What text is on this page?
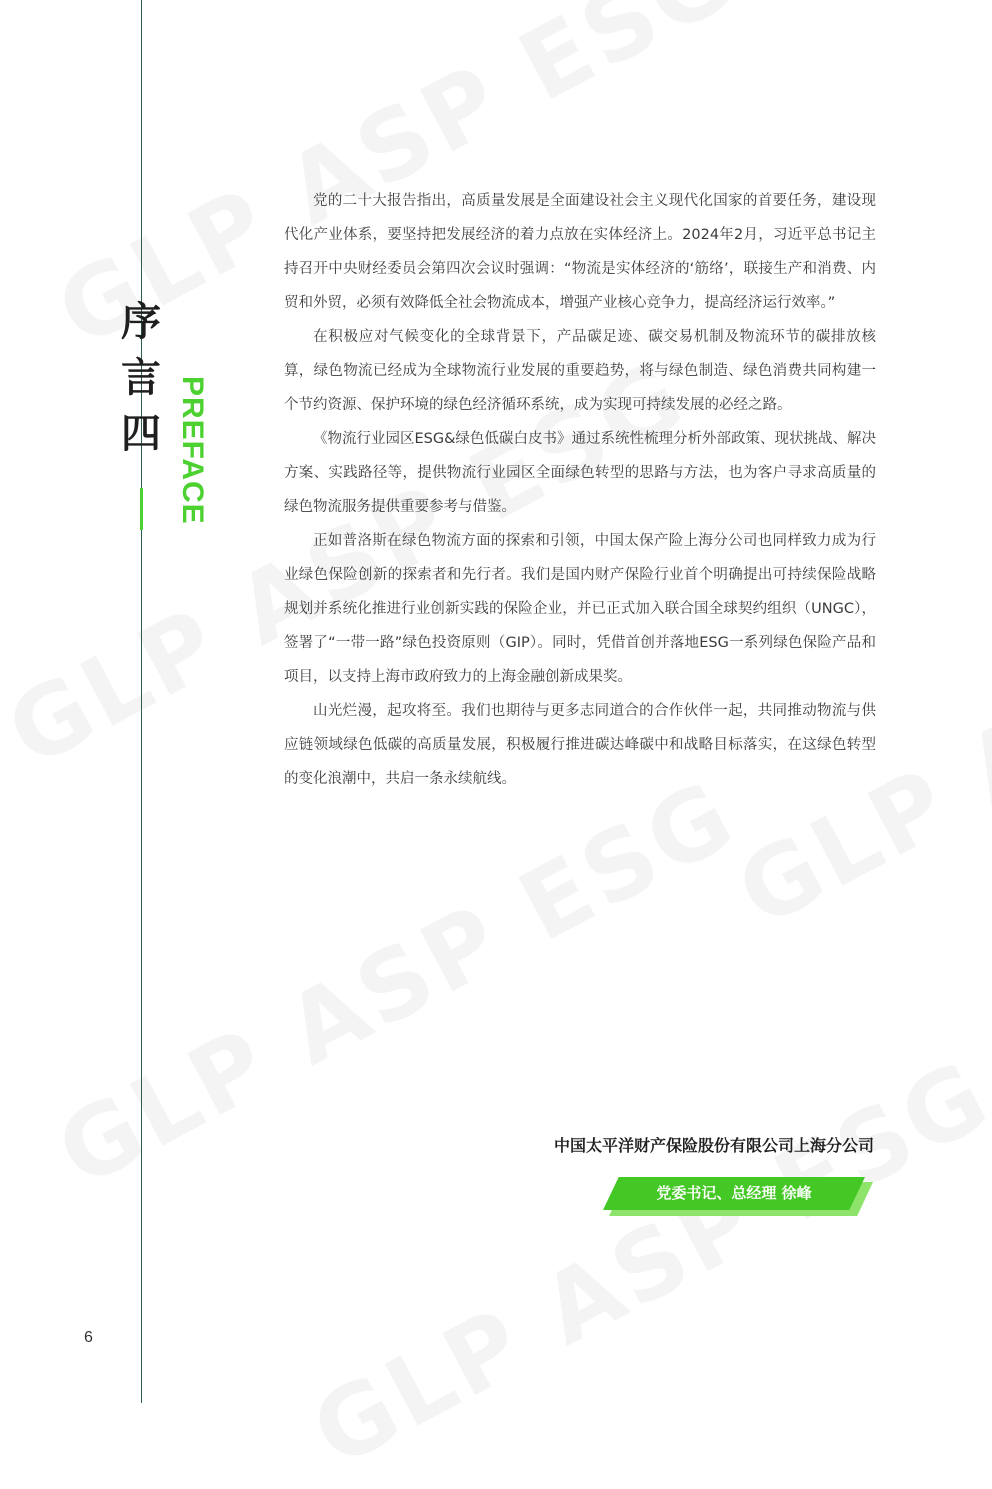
序
言
四 PREFACE

党的二十大报告指出，高质量发展是全面建设社会主义现代化国家的首要任务，建设现代化产业体系，要坚持把发展经济的着力点放在实体经济上。2024年2月，习近平总书记主持召开中央财经委员会第四次会议时强调：“物流是实体经济的‘筋络’，联接生产和消费、内贸和外贸，必须有效降低全社会物流成本，增强产业核心竞争力，提高经济运行效率。”

在积极应对气候变化的全球背景下，产品碳足迹、碳交易机制及物流环节的碳排放核算，绿色物流已经成为全球物流行业发展的重要趋势，将与绿色制造、绿色消费共同构建一个节约资源、保护环境的绿色经济循环系统，成为实现可持续发展的必经之路。

《物流行业园区ESG&绿色低碳白皮书》通过系统性梳理分析外部政策、现状挑战、解决方案、实践路径等，提供物流行业园区全面绿色转型的思路与方法，也为客户寻求高质量的绿色物流服务提供重要参考与借鉴。

正如普洛斯在绿色物流方面的探索和引领，中国太保产险上海分公司也同样致力成为行业绿色保险创新的探索者和先行者。我们是国内财产保险行业首个明确提出可持续保险战略规划并系统化推进行业创新实践的保险企业，并已正式加入联合国全球契约组织（UNGC），签署了“一带一路”绿色投资原则（GIP）。同时，凭借首创并落地ESG一系列绿色保险产品和项目，以支持上海市政府致力的上海金融创新成果奖。

山光烂漫，起攻将至。我们也期待与更多志同道合的合作伙伴一起，共同推动物流与供应链领域绿色低碳的高质量发展，积极履行推进碳达峰碳中和战略目标落实，在这绿色转型的变化浪潮中，共启一条永续航线。

中国太平洋财产保险股份有限公司上海分公司
党委书记、总经理 徐峰
6
